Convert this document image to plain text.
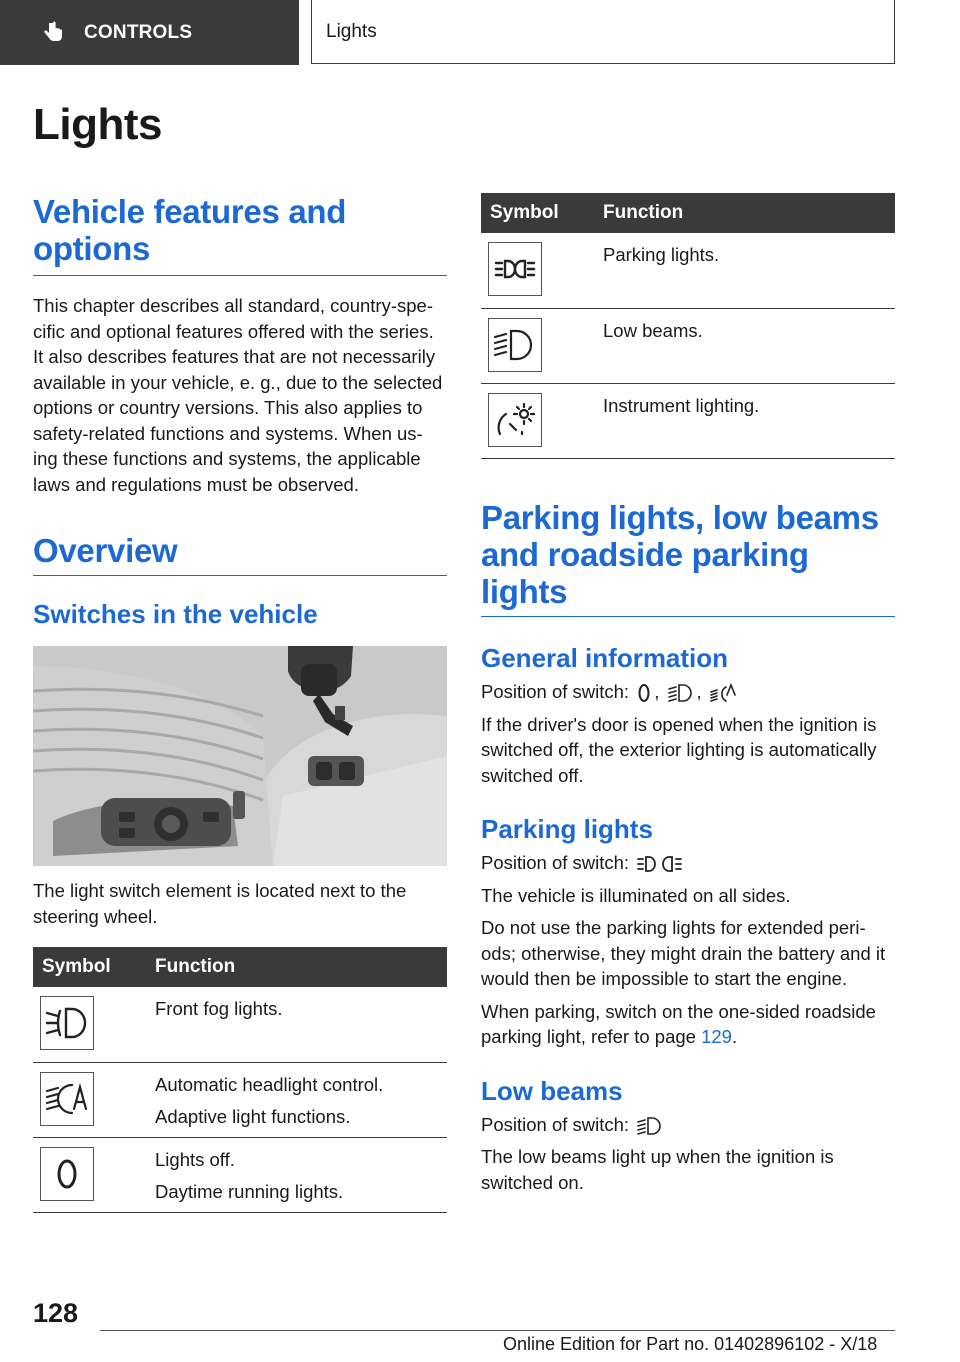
CONTROLS	Lights
Lights
Vehicle features and options

This chapter describes all standard, country-spe-cific and optional features offered with the series. It also describes features that are not necessarily available in your vehicle, e. g., due to the selected options or country versions. This also applies to safety-related functions and systems. When us-ing these functions and systems, the applicable laws and regulations must be observed.

Overview
Switches in the vehicle

The light switch element is located next to the steering wheel.

Symbol	Function

Front fog lights.

Automatic headlight control.
Adaptive light functions.

Lights off.
Daytime running lights.
Symbol	Function

Parking lights.

Low beams.

Instrument lighting.
Parking lights, low beams and roadside parking lights
General information

Position of switch: , ,

If the driver's door is opened when the ignition is switched off, the exterior lighting is automatically switched off.

Parking lights

Position of switch:

The vehicle is illuminated on all sides.

Do not use the parking lights for extended peri-ods; otherwise, they might drain the battery and it would then be impossible to start the engine.

When parking, switch on the one-sided roadside parking light, refer to page 129.

Low beams

Position of switch:

The low beams light up when the ignition is switched on.

128
Online Edition for Part no. 01402896102 - X/18
